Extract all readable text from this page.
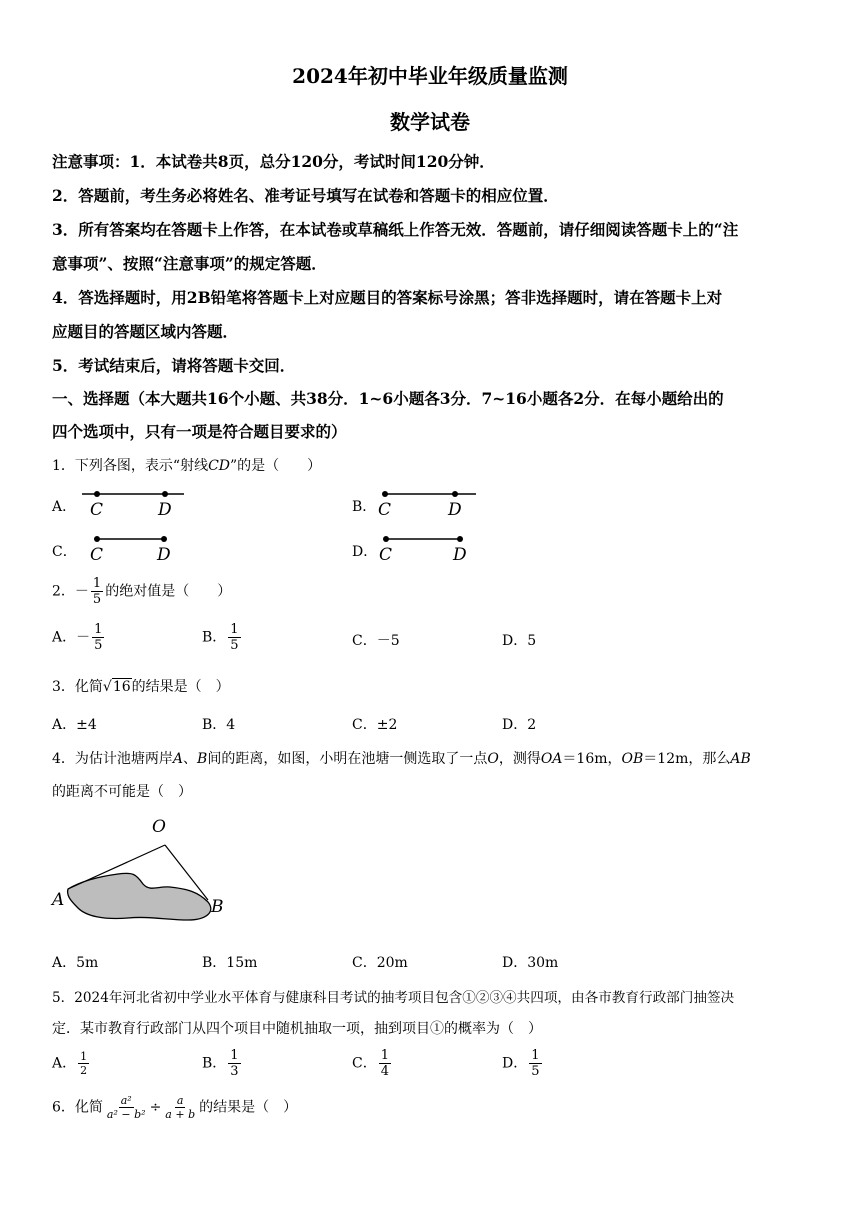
2024年初中毕业年级质量监测
数学试卷
注意事项：1．本试卷共8页，总分120分，考试时间120分钟．
2．答题前，考生务必将姓名、准考证号填写在试卷和答题卡的相应位置．
3．所有答案均在答题卡上作答，在本试卷或草稿纸上作答无效．答题前，请仔细阅读答题卡上的“注
意事项”、按照“注意事项”的规定答题．
4．答选择题时，用2B铅笔将答题卡上对应题目的答案标号涂黑；答非选择题时，请在答题卡上对
应题目的答题区域内答题．
5．考试结束后，请将答题卡交回．
一、选择题（本大题共16个小题、共38分．1~6小题各3分．7~16小题各2分．在每小题给出的
四个选项中，只有一项是符合题目要求的）
1．下列各图，表示“射线CD”的是（　　）
A． C	D	B． C	D
C． C	D	D． C	D
2．－ $\frac{1}{5}$ 的绝对值是（　　）
A．－ $\frac{1}{5}$	B． $\frac{1}{5}$	C．－5	D．5
3．化简√16的结果是（　）
A．±4	B．4	C．±2	D．2
4．为估计池塘两岸A、B间的距离，如图，小明在池塘一侧选取了一点O，测得OA＝16m，OB＝12m，那么AB
的距离不可能是（　）
O
A	B
A．5m	B．15m	C．20m	D．30m
5．2024年河北省初中学业水平体育与健康科目考试的抽考项目包含①②③④共四项，由各市教育行政部门抽签决
定．某市教育行政部门从四个项目中随机抽取一项，抽到项目①的概率为（　）
A． $\frac{1}{2}$	B． $\frac{1}{3}$	C． $\frac{1}{4}$	D． $\frac{1}{5}$
6．化简 $\frac{\text{a²}}{\text{a² − b²}} \div \frac{a}{a + b}$ 的结果是（　）
